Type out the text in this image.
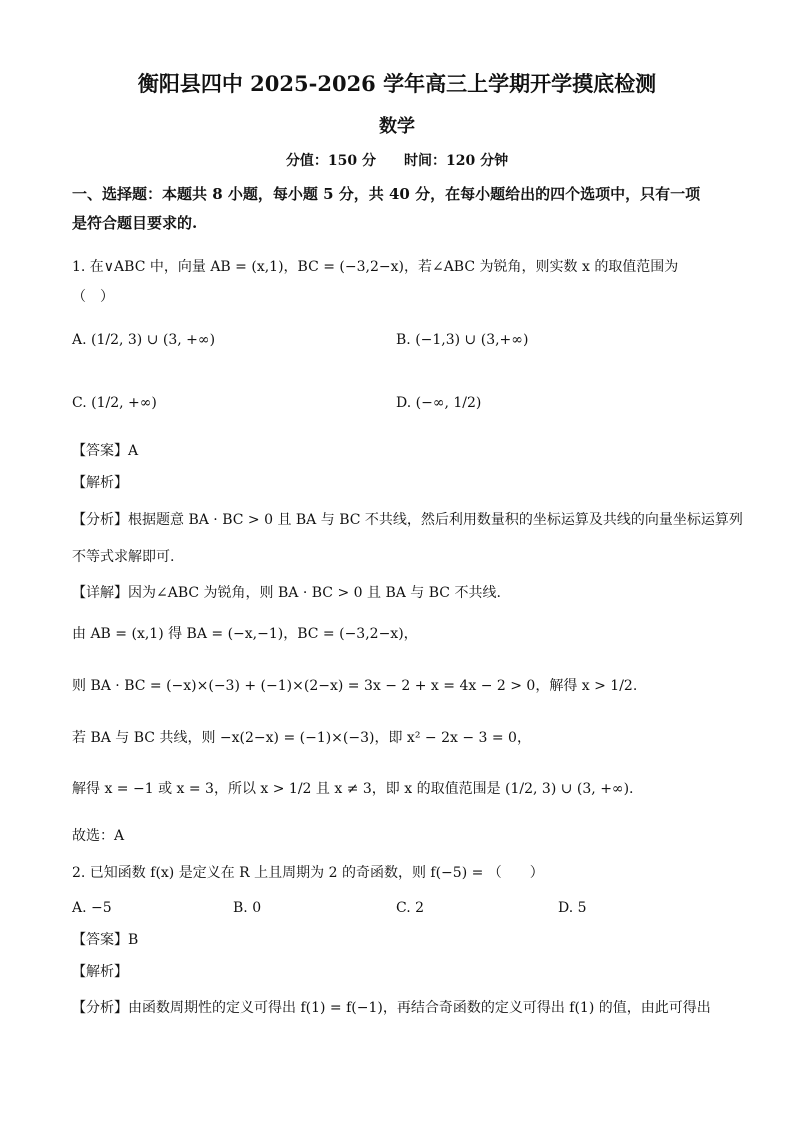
衡阳县四中 2025-2026 学年高三上学期开学摸底检测
数学
分值：150 分　　时间：120 分钟
一、选择题：本题共 8 小题，每小题 5 分，共 40 分，在每小题给出的四个选项中，只有一项
是符合题目要求的.
1. 在∨ABC 中，向量 AB = (x,1)，BC = (−3,2−x)，若∠ABC 为锐角，则实数 x 的取值范围为
（　）
A. (1/2, 3) ∪ (3, +∞)	B. (−1,3) ∪ (3,+∞)
C. (1/2, +∞)	D. (−∞, 1/2)
【答案】A
【解析】
【分析】根据题意 BA · BC > 0 且 BA 与 BC 不共线，然后利用数量积的坐标运算及共线的向量坐标运算列
不等式求解即可.
【详解】因为∠ABC 为锐角，则 BA · BC > 0 且 BA 与 BC 不共线.
由 AB = (x,1) 得 BA = (−x,−1)，BC = (−3,2−x)，
则 BA · BC = (−x)×(−3) + (−1)×(2−x) = 3x − 2 + x = 4x − 2 > 0，解得 x > 1/2.
若 BA 与 BC 共线，则 −x(2−x) = (−1)×(−3)，即 x² − 2x − 3 = 0，
解得 x = −1 或 x = 3，所以 x > 1/2 且 x ≠ 3，即 x 的取值范围是 (1/2, 3) ∪ (3, +∞).
故选：A
2. 已知函数 f(x) 是定义在 R 上且周期为 2 的奇函数，则 f(−5) = （　　）
A. −5	B. 0	C. 2	D. 5
【答案】B
【解析】
【分析】由函数周期性的定义可得出 f(1) = f(−1)，再结合奇函数的定义可得出 f(1) 的值，由此可得出
